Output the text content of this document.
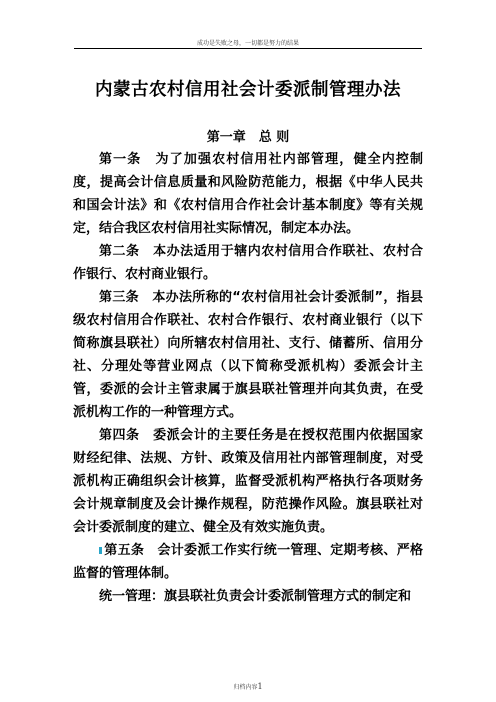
成功是失败之母，一切都是努力的结果
内蒙古农村信用社会计委派制管理办法
第一章　总 则

第一条　为了加强农村信用社内部管理，健全内控制度，提高会计信息质量和风险防范能力，根据《中华人民共和国会计法》和《农村信用合作社会计基本制度》等有关规定，结合我区农村信用社实际情况，制定本办法。

第二条　本办法适用于辖内农村信用合作联社、农村合作银行、农村商业银行。

第三条　本办法所称的“农村信用社会计委派制”，指县级农村信用合作联社、农村合作银行、农村商业银行（以下简称旗县联社）向所辖农村信用社、支行、储蓄所、信用分社、分理处等营业网点（以下简称受派机构）委派会计主管，委派的会计主管隶属于旗县联社管理并向其负责，在受派机构工作的一种管理方式。

第四条　委派会计的主要任务是在授权范围内依据国家财经纪律、法规、方针、政策及信用社内部管理制度，对受派机构正确组织会计核算，监督受派机构严格执行各项财务会计规章制度及会计操作规程，防范操作风险。旗县联社对会计委派制度的建立、健全及有效实施负责。

第五条　会计委派工作实行统一管理、定期考核、严格监督的管理体制。

统一管理：旗县联社负责会计委派制管理方式的制定和

归档内容1
